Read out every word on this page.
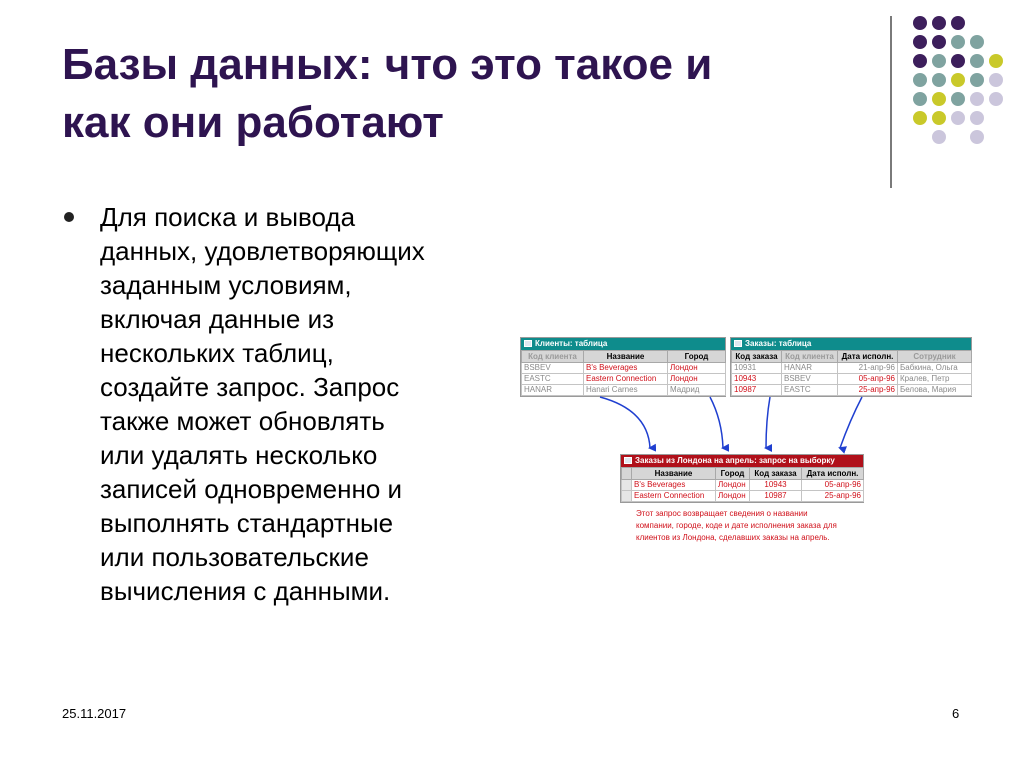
Базы данных: что это такое и
как они работают
Для поиска и вывода
данных, удовлетворяющих
заданным условиям,
включая данные из
нескольких таблиц,
создайте запрос. Запрос
также может обновлять
или удалять несколько
записей одновременно и
выполнять стандартные
или пользовательские
вычисления с данными.
Клиенты: таблица
Код клиента	Название	Город
BSBEV	B's Beverages	Лондон
EASTC	Eastern Connection	Лондон
HANAR	Hanari Carnes	Мадрид
Заказы: таблица
Код заказа	Код клиента	Дата исполн.	Сотрудник
10931	HANAR	21-апр-96	Бабкина, Ольга
10943	BSBEV	05-апр-96	Кралев, Петр
10987	EASTC	25-апр-96	Белова, Мария
Заказы из Лондона на апрель: запрос на выборку
	Название	Город	Код заказа	Дата исполн.
	B's Beverages	Лондон	10943	05-апр-96
	Eastern Connection	Лондон	10987	25-апр-96
Этот запрос возвращает сведения о названии
компании, городе, коде и дате исполнения заказа для
клиентов из Лондона, сделавших заказы на апрель.
25.11.2017	6
